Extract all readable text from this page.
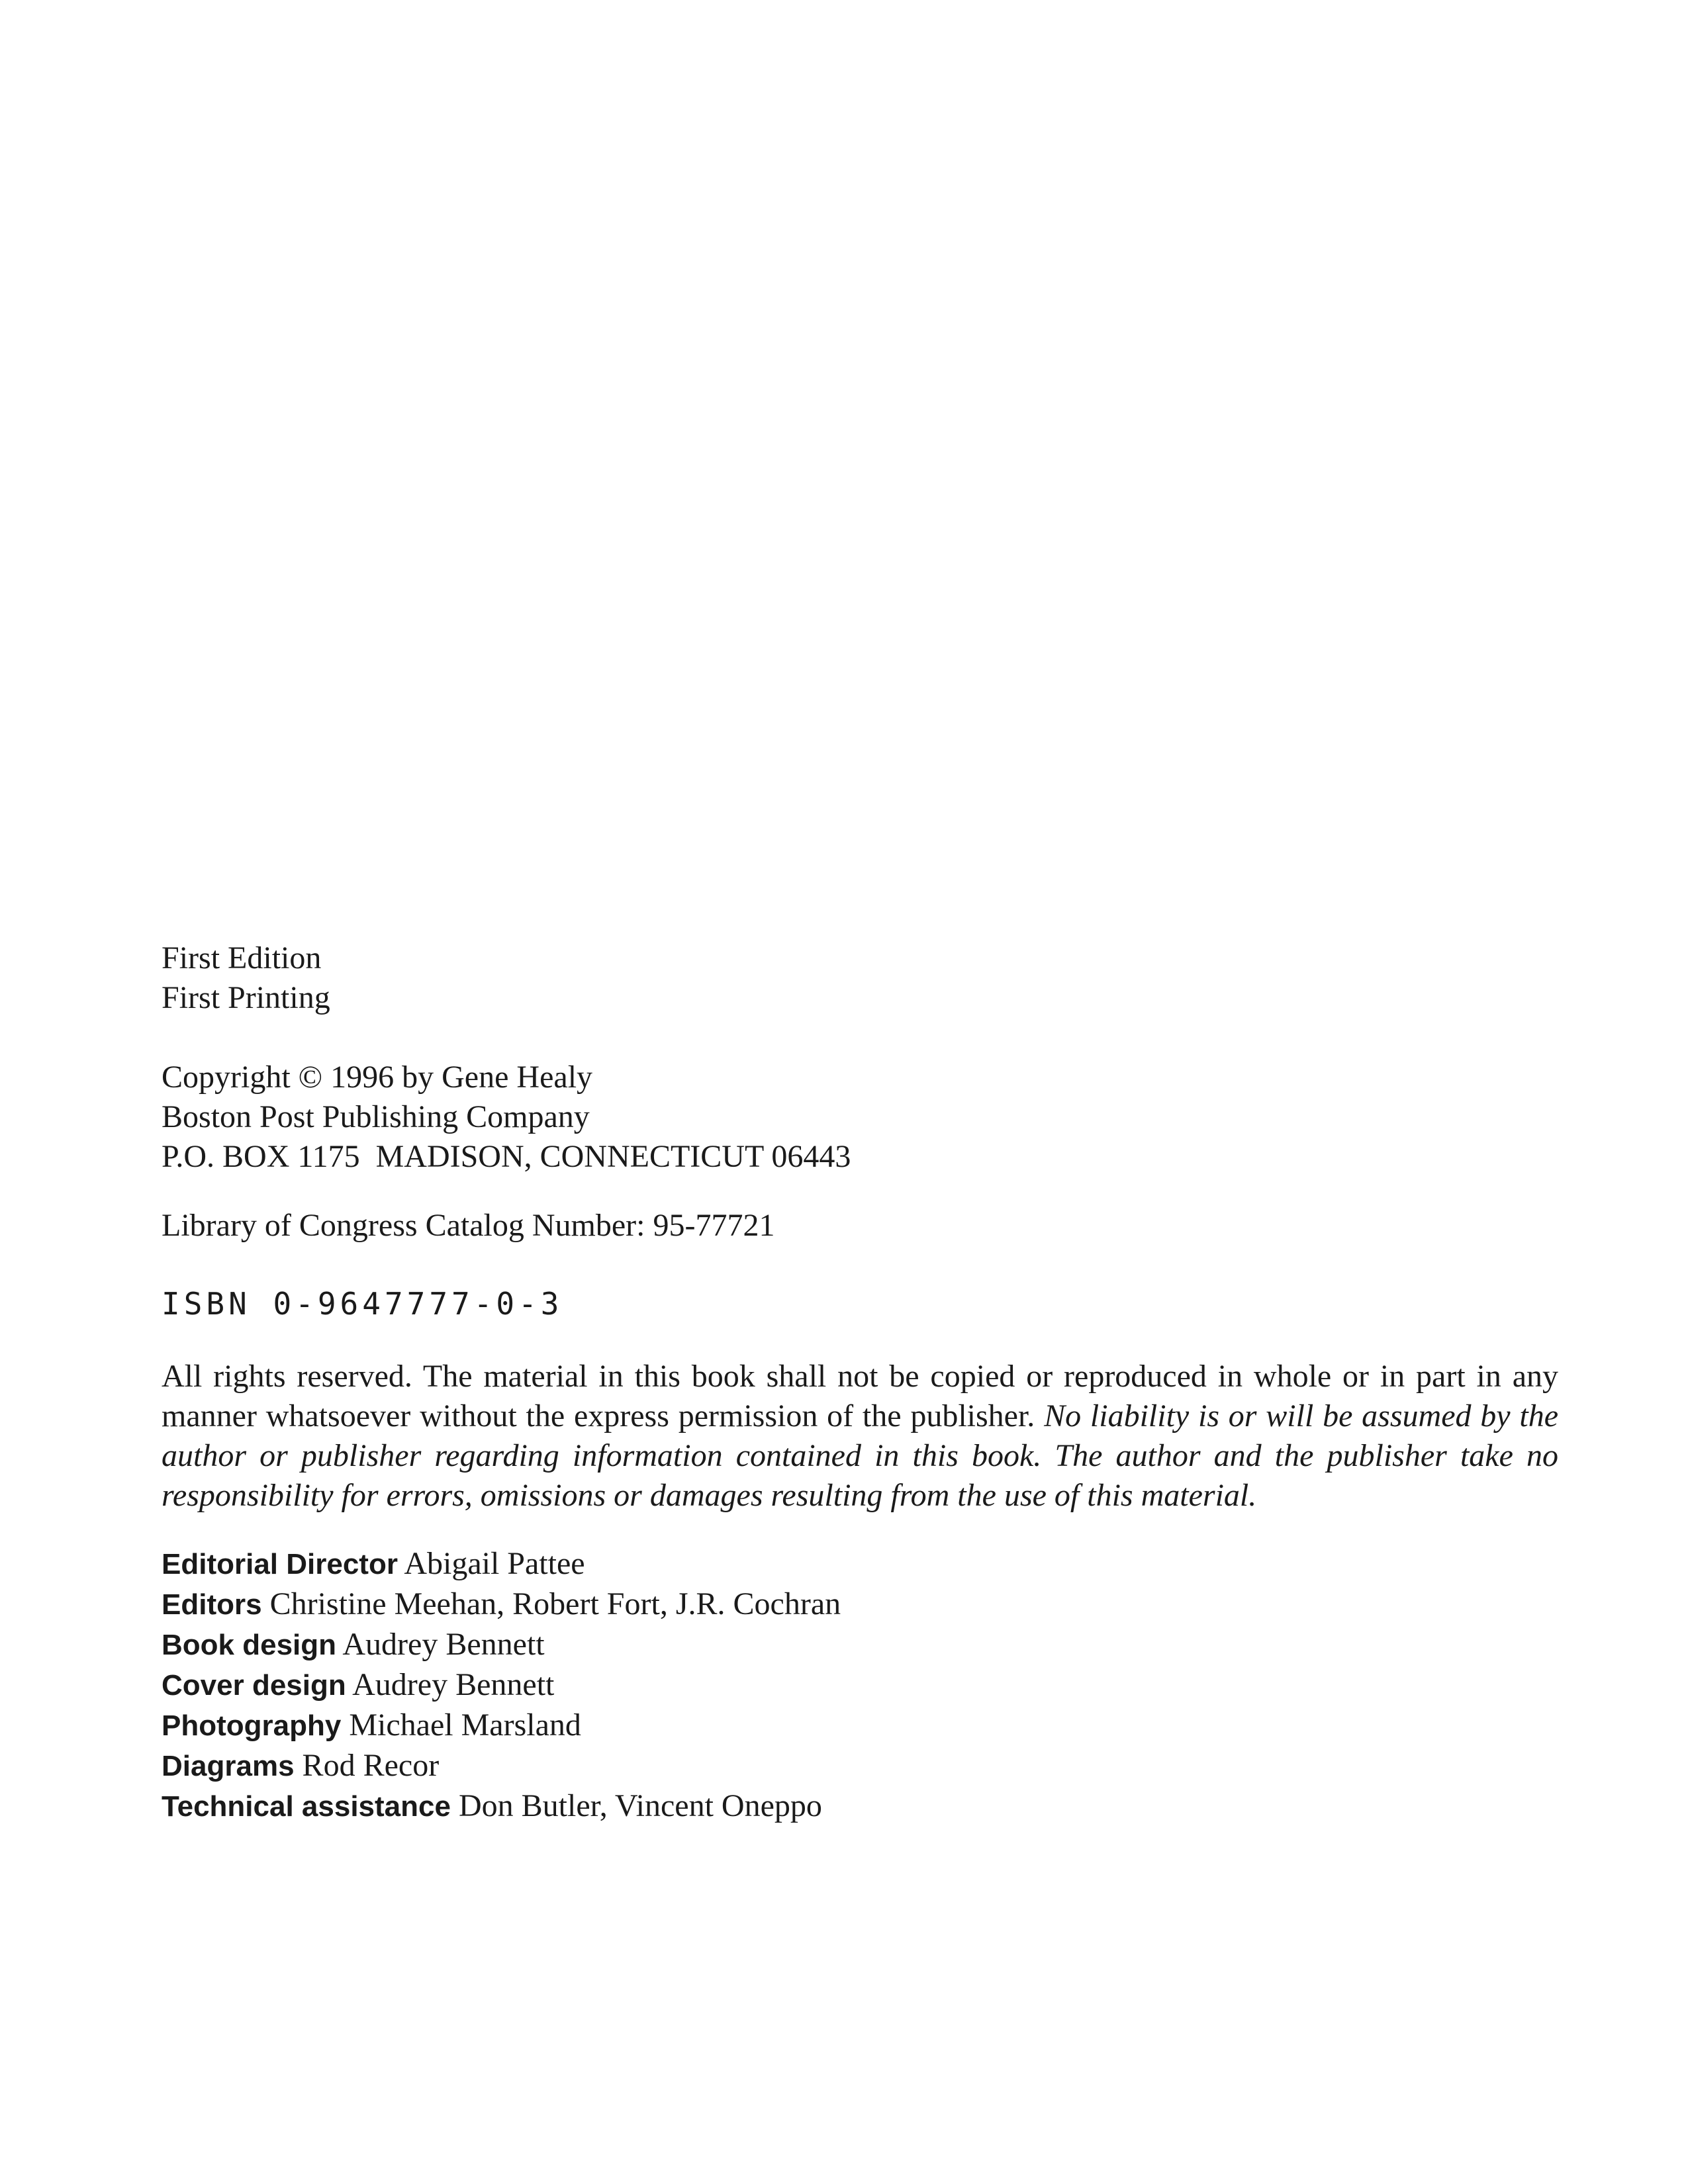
First Edition
First Printing
Copyright © 1996 by Gene Healy
Boston Post Publishing Company
P.O. BOX 1175  MADISON, CONNECTICUT 06443
Library of Congress Catalog Number: 95-77721
ISBN 0-9647777-0-3
All rights reserved. The material in this book shall not be copied or reproduced in whole or in part in any manner whatsoever without the express permission of the publisher. No liability is or will be assumed by the author or publisher regarding information contained in this book. The author and the publisher take no responsibility for errors, omissions or damages resulting from the use of this material.
Editorial Director Abigail Pattee
Editors Christine Meehan, Robert Fort, J.R. Cochran
Book design Audrey Bennett
Cover design Audrey Bennett
Photography Michael Marsland
Diagrams Rod Recor
Technical assistance Don Butler, Vincent Oneppo
